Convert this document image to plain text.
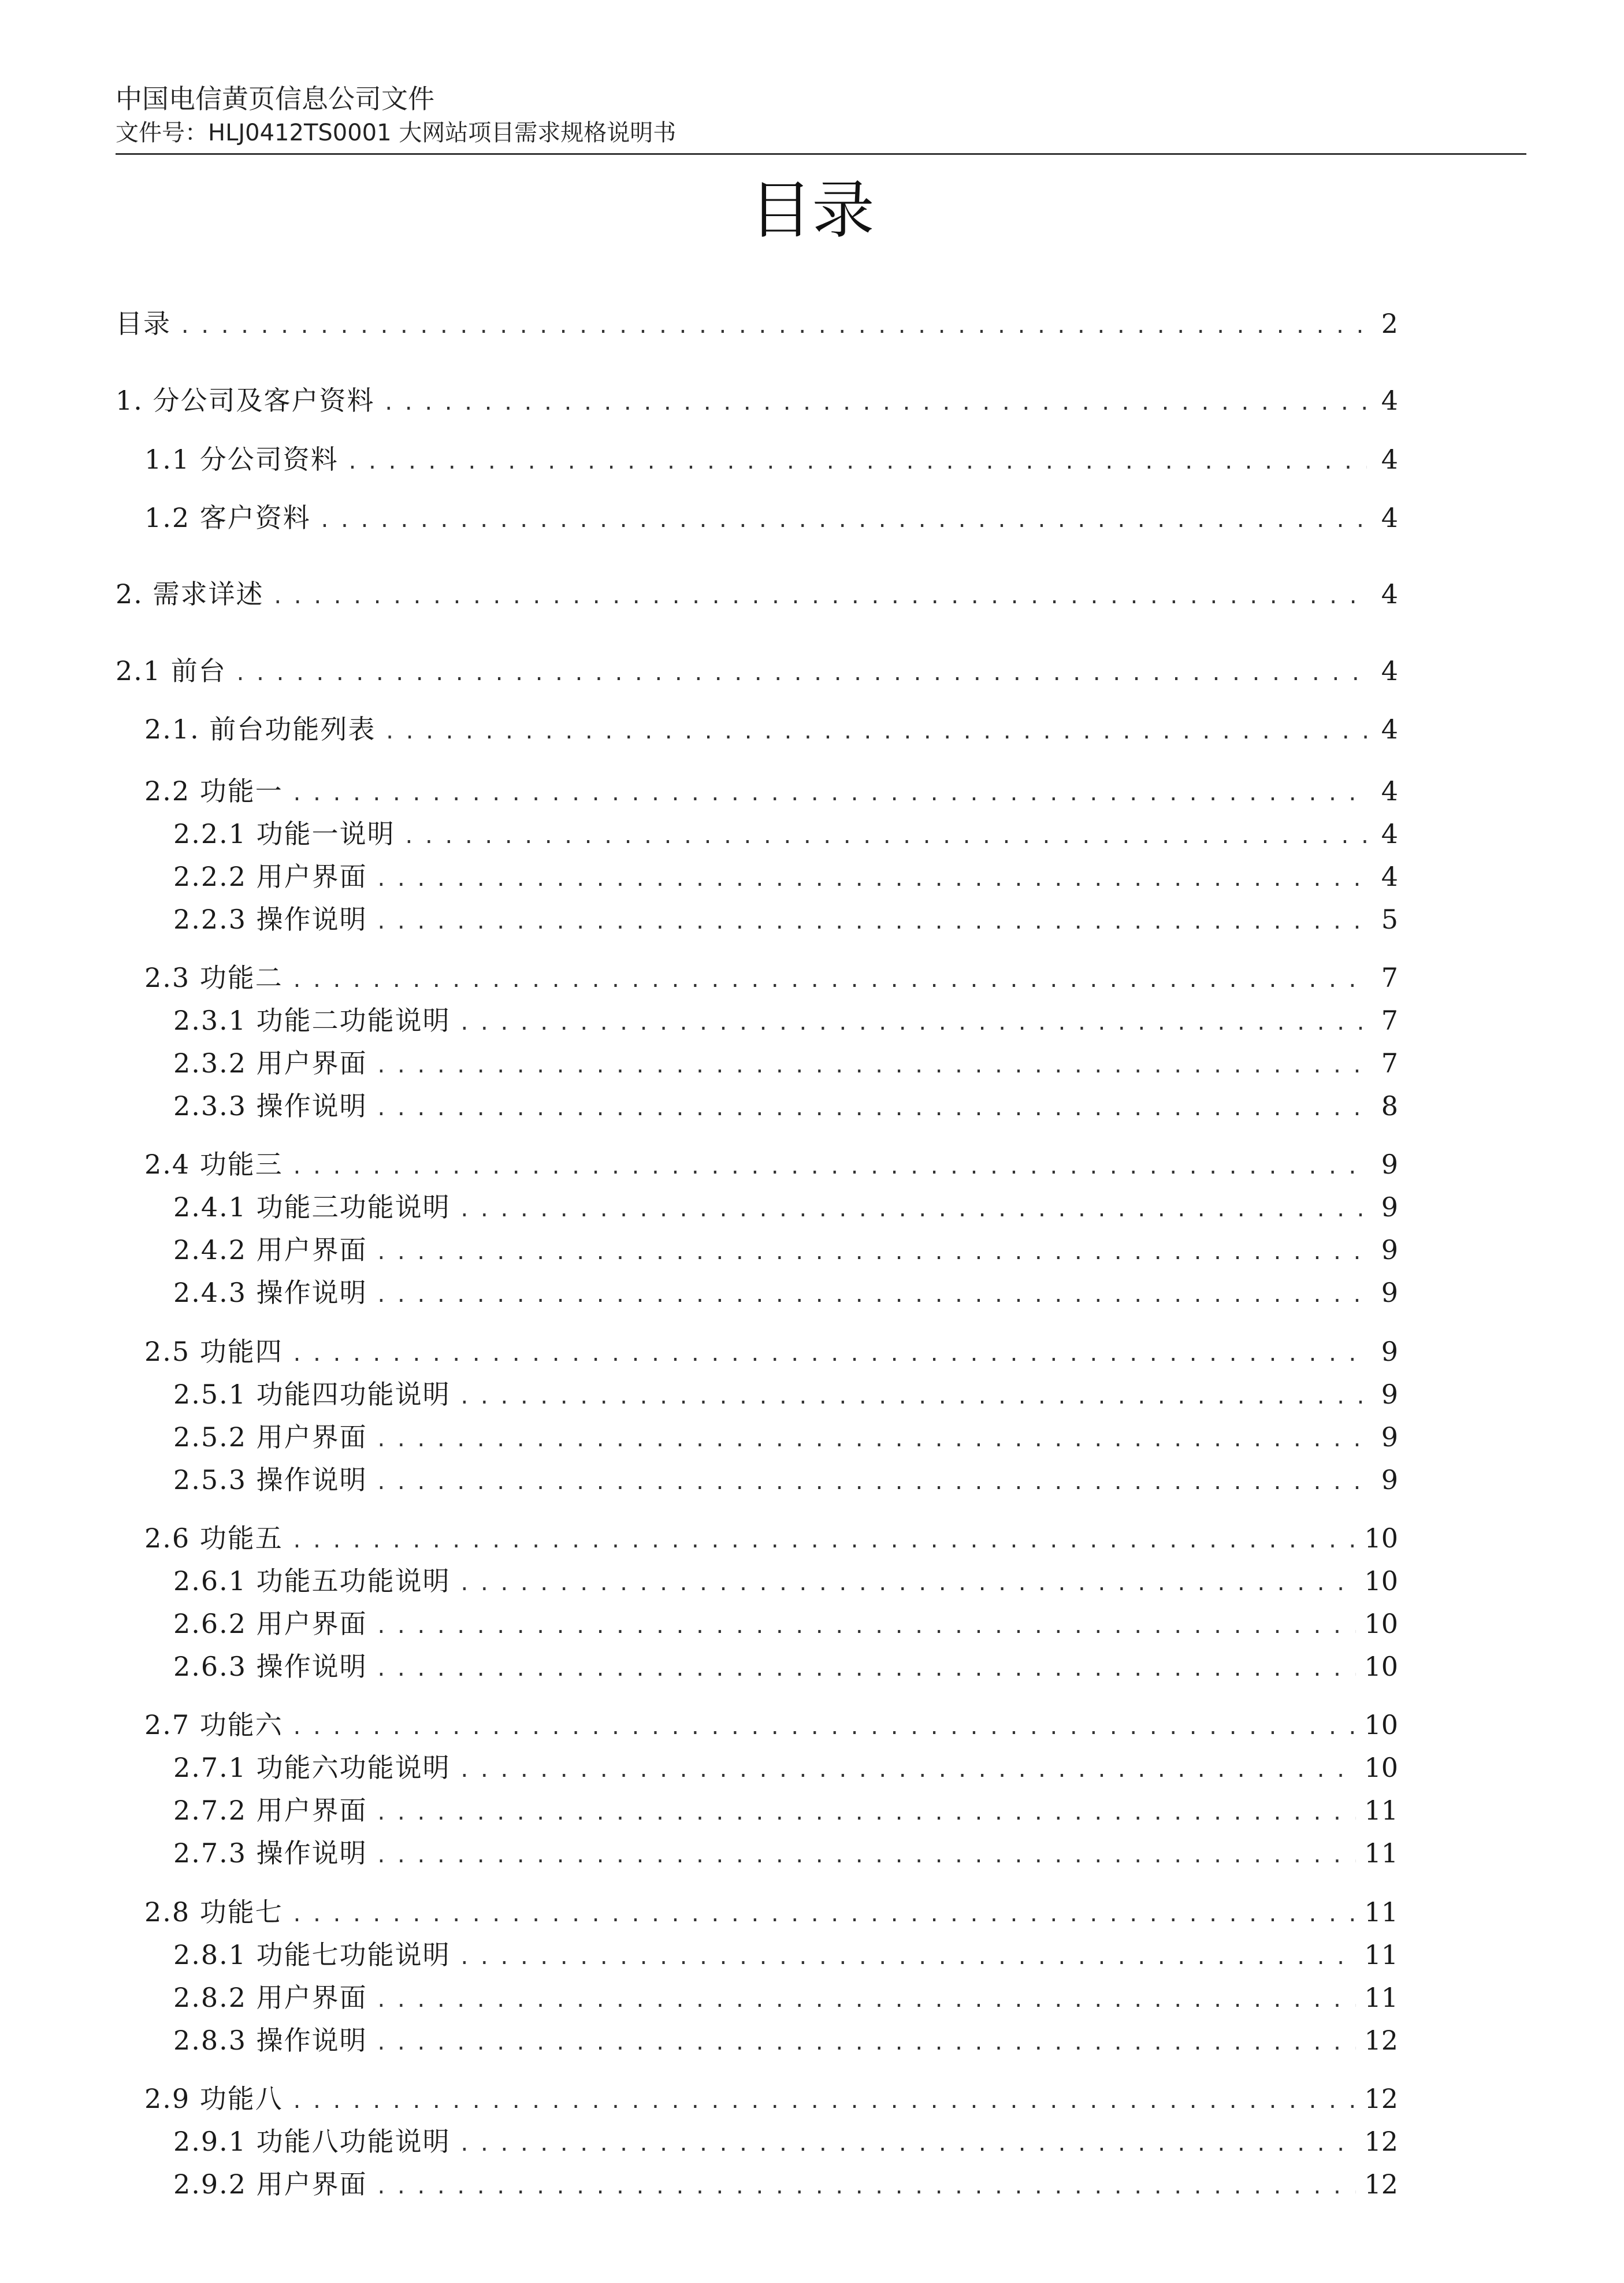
中国电信黄页信息公司文件
文件号：HLJ0412TS0001 大网站项目需求规格说明书
目录
目录 .....	2
1. 分公司及客户资料 .....	4
1.1 分公司资料 .....	4
1.2 客户资料 .....	4
2. 需求详述 .....	4
2.1 前台 .....	4
2.1. 前台功能列表 .....	4
2.2 功能一 .....	4
2.2.1 功能一说明 .....	4
2.2.2 用户界面 .....	4
2.2.3 操作说明 .....	5
2.3 功能二 .....	7
2.3.1 功能二功能说明 .....	7
2.3.2 用户界面 .....	7
2.3.3 操作说明 .....	8
2.4 功能三 .....	9
2.4.1 功能三功能说明 .....	9
2.4.2 用户界面 .....	9
2.4.3 操作说明 .....	9
2.5 功能四 .....	9
2.5.1 功能四功能说明 .....	9
2.5.2 用户界面 .....	9
2.5.3 操作说明 .....	9
2.6 功能五 .....	10
2.6.1 功能五功能说明 .....	10
2.6.2 用户界面 .....	10
2.6.3 操作说明 .....	10
2.7 功能六 .....	10
2.7.1 功能六功能说明 .....	10
2.7.2 用户界面 .....	11
2.7.3 操作说明 .....	11
2.8 功能七 .....	11
2.8.1 功能七功能说明 .....	11
2.8.2 用户界面 .....	11
2.8.3 操作说明 .....	12
2.9 功能八 .....	12
2.9.1 功能八功能说明 .....	12
2.9.2 用户界面 .....	12
